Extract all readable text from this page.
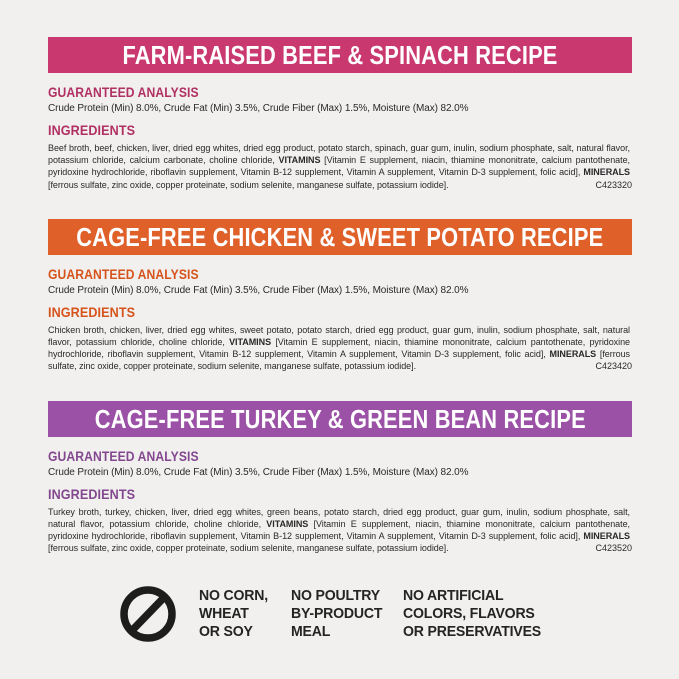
FARM-RAISED BEEF & SPINACH RECIPE
GUARANTEED ANALYSIS
Crude Protein (Min) 8.0%, Crude Fat (Min) 3.5%, Crude Fiber (Max) 1.5%, Moisture (Max) 82.0%
INGREDIENTS
Beef broth, beef, chicken, liver, dried egg whites, dried egg product, potato starch, spinach, guar gum, inulin, sodium phosphate, salt, natural flavor, potassium chloride, calcium carbonate, choline chloride, VITAMINS [Vitamin E supplement, niacin, thiamine mononitrate, calcium pantothenate, pyridoxine hydrochloride, riboflavin supplement, Vitamin B-12 supplement, Vitamin A supplement, Vitamin D-3 supplement, folic acid], MINERALS [ferrous sulfate, zinc oxide, copper proteinate, sodium selenite, manganese sulfate, potassium iodide].	C423320
CAGE-FREE CHICKEN & SWEET POTATO RECIPE
GUARANTEED ANALYSIS
Crude Protein (Min) 8.0%, Crude Fat (Min) 3.5%, Crude Fiber (Max) 1.5%, Moisture (Max) 82.0%
INGREDIENTS
Chicken broth, chicken, liver, dried egg whites, sweet potato, potato starch, dried egg product, guar gum, inulin, sodium phosphate, salt, natural flavor, potassium chloride, choline chloride, VITAMINS [Vitamin E supplement, niacin, thiamine mononitrate, calcium pantothenate, pyridoxine hydrochloride, riboflavin supplement, Vitamin B-12 supplement, Vitamin A supplement, Vitamin D-3 supplement, folic acid], MINERALS [ferrous sulfate, zinc oxide, copper proteinate, sodium selenite, manganese sulfate, potassium iodide].	C423420
CAGE-FREE TURKEY & GREEN BEAN RECIPE
GUARANTEED ANALYSIS
Crude Protein (Min) 8.0%, Crude Fat (Min) 3.5%, Crude Fiber (Max) 1.5%, Moisture (Max) 82.0%
INGREDIENTS
Turkey broth, turkey, chicken, liver, dried egg whites, green beans, potato starch, dried egg product, guar gum, inulin, sodium phosphate, salt, natural flavor, potassium chloride, choline chloride, VITAMINS [Vitamin E supplement, niacin, thiamine mononitrate, calcium pantothenate, pyridoxine hydrochloride, riboflavin supplement, Vitamin B-12 supplement, Vitamin A supplement, Vitamin D-3 supplement, folic acid], MINERALS [ferrous sulfate, zinc oxide, copper proteinate, sodium selenite, manganese sulfate, potassium iodide].	C423520
NO CORN,
WHEAT
OR SOY
NO POULTRY
BY-PRODUCT
MEAL
NO ARTIFICIAL
COLORS, FLAVORS
OR PRESERVATIVES
